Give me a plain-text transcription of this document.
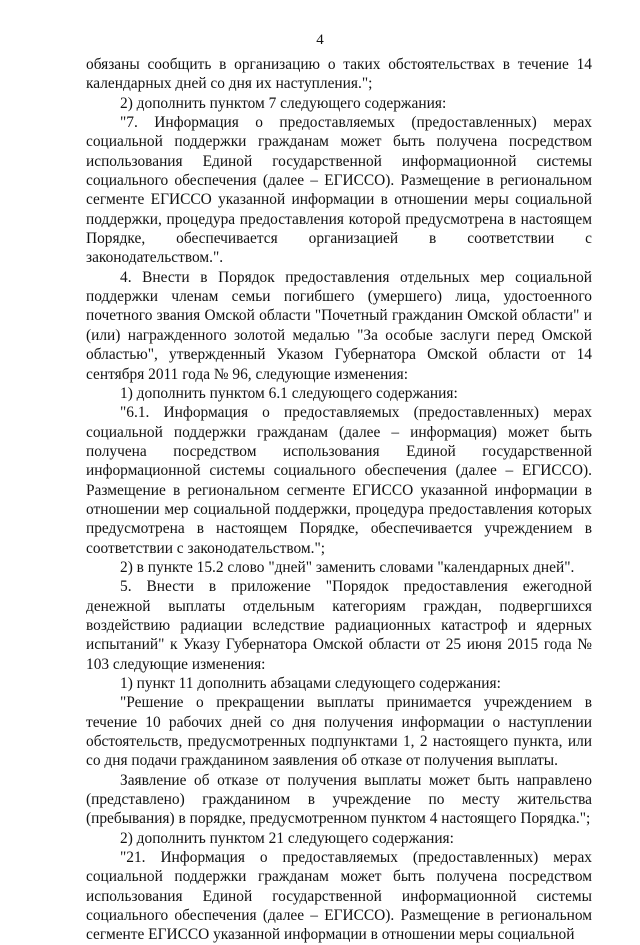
4

обязаны сообщить в организацию о таких обстоятельствах в течение 14 календарных дней со дня их наступления.";

2) дополнить пунктом 7 следующего содержания:

"7. Информация о предоставляемых (предоставленных) мерах социальной поддержки гражданам может быть получена посредством использования Единой государственной информационной системы социального обеспечения (далее – ЕГИССО). Размещение в региональном сегменте ЕГИССО указанной информации в отношении меры социальной поддержки, процедура предоставления которой предусмотрена в настоящем Порядке, обеспечивается организацией в соответствии с законодательством.".

4. Внести в Порядок предоставления отдельных мер социальной поддержки членам семьи погибшего (умершего) лица, удостоенного почетного звания Омской области "Почетный гражданин Омской области" и (или) награжденного золотой медалью "За особые заслуги перед Омской областью", утвержденный Указом Губернатора Омской области от 14 сентября 2011 года № 96, следующие изменения:

1) дополнить пунктом 6.1 следующего содержания:

"6.1. Информация о предоставляемых (предоставленных) мерах социальной поддержки гражданам (далее – информация) может быть получена посредством использования Единой государственной информационной системы социального обеспечения (далее – ЕГИССО). Размещение в региональном сегменте ЕГИССО указанной информации в отношении мер социальной поддержки, процедура предоставления которых предусмотрена в настоящем Порядке, обеспечивается учреждением в соответствии с законодательством.";

2) в пункте 15.2 слово "дней" заменить словами "календарных дней".

5. Внести в приложение "Порядок предоставления ежегодной денежной выплаты отдельным категориям граждан, подвергшихся воздействию радиации вследствие радиационных катастроф и ядерных испытаний" к Указу Губернатора Омской области от 25 июня 2015 года № 103 следующие изменения:

1) пункт 11 дополнить абзацами следующего содержания:

"Решение о прекращении выплаты принимается учреждением в течение 10 рабочих дней со дня получения информации о наступлении обстоятельств, предусмотренных подпунктами 1, 2 настоящего пункта, или со дня подачи гражданином заявления об отказе от получения выплаты.

Заявление об отказе от получения выплаты может быть направлено (представлено) гражданином в учреждение по месту жительства (пребывания) в порядке, предусмотренном пунктом 4 настоящего Порядка.";

2) дополнить пунктом 21 следующего содержания:

"21. Информация о предоставляемых (предоставленных) мерах социальной поддержки гражданам может быть получена посредством использования Единой государственной информационной системы социального обеспечения (далее – ЕГИССО). Размещение в региональном сегменте ЕГИССО указанной информации в отношении меры социальной
